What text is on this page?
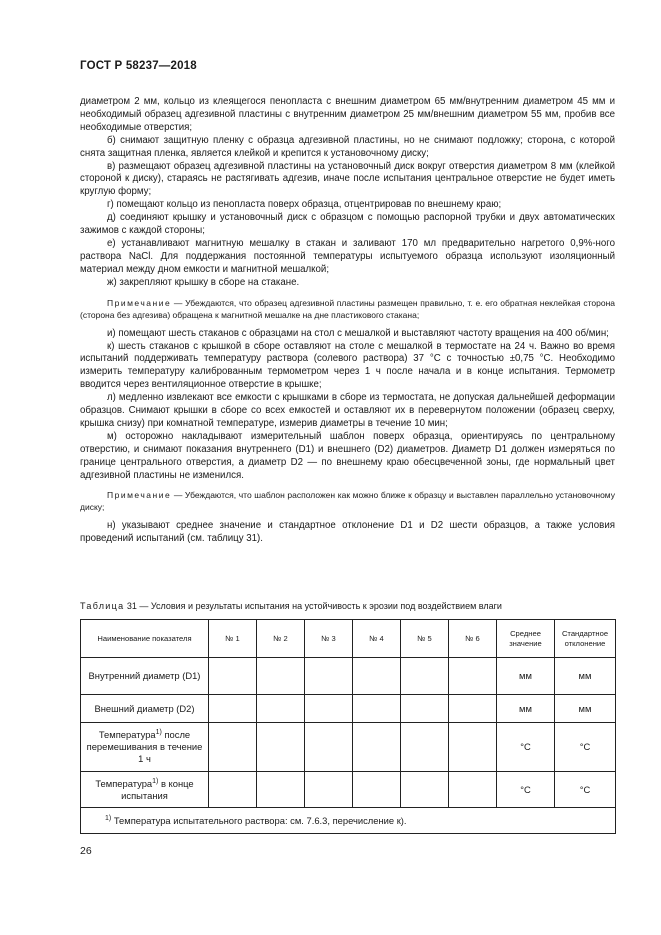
ГОСТ Р 58237—2018

диаметром 2 мм, кольцо из клеящегося пенопласта с внешним диаметром 65 мм/внутренним диаметром 45 мм и необходимый образец адгезивной пластины с внутренним диаметром 25 мм/внешним диаметром 55 мм, пробив все необходимые отверстия;

б) снимают защитную пленку с образца адгезивной пластины, но не снимают подложку; сторона, с которой снята защитная пленка, является клейкой и крепится к установочному диску;

в) размещают образец адгезивной пластины на установочный диск вокруг отверстия диаметром 8 мм (клейкой стороной к диску), стараясь не растягивать адгезив, иначе после испытания центральное отверстие не будет иметь круглую форму;

г) помещают кольцо из пенопласта поверх образца, отцентрировав по внешнему краю;

д) соединяют крышку и установочный диск с образцом с помощью распорной трубки и двух автоматических зажимов с каждой стороны;

е) устанавливают магнитную мешалку в стакан и заливают 170 мл предварительно нагретого 0,9%-ного раствора NaCl. Для поддержания постоянной температуры испытуемого образца используют изоляционный материал между дном емкости и магнитной мешалкой;

ж) закрепляют крышку в сборе на стакане.

Примечание — Убеждаются, что образец адгезивной пластины размещен правильно, т. е. его обратная неклейкая сторона (сторона без адгезива) обращена к магнитной мешалке на дне пластикового стакана;

и) помещают шесть стаканов с образцами на стол с мешалкой и выставляют частоту вращения на 400 об/мин;

к) шесть стаканов с крышкой в сборе оставляют на столе с мешалкой в термостате на 24 ч. Важно во время испытаний поддерживать температуру раствора (солевого раствора) 37 °С с точностью ±0,75 °С. Необходимо измерить температуру калиброванным термометром через 1 ч после начала и в конце испытания. Термометр вводится через вентиляционное отверстие в крышке;

л) медленно извлекают все емкости с крышками в сборе из термостата, не допуская дальнейшей деформации образцов. Снимают крышки в сборе со всех емкостей и оставляют их в перевернутом положении (образец сверху, крышка снизу) при комнатной температуре, измерив диаметры в течение 10 мин;

м) осторожно накладывают измерительный шаблон поверх образца, ориентируясь по центральному отверстию, и снимают показания внутреннего (D1) и внешнего (D2) диаметров. Диаметр D1 должен измеряться по границе центрального отверстия, а диаметр D2 — по внешнему краю обесцвеченной зоны, где нормальный цвет адгезивной пластины не изменился.

Примечание — Убеждаются, что шаблон расположен как можно ближе к образцу и выставлен параллельно установочному диску;

н) указывают среднее значение и стандартное отклонение D1 и D2 шести образцов, а также условия проведений испытаний (см. таблицу 31).

Таблица 31 — Условия и результаты испытания на устойчивость к эрозии под воздействием влаги
Наименование показателя	№ 1	№ 2	№ 3	№ 4	№ 5	№ 6	Среднее значение	Стандартное отклонение
Внутренний диаметр (D1)							мм	мм
Внешний диаметр (D2)							мм	мм
Температура$^{1)}$ после перемешивания в течение 1 ч							°С	°С
Температура$^{1)}$ в конце испытания							°С	°С
$^{1)}$ Температура испытательного раствора: см. 7.6.3, перечисление к).								
26
